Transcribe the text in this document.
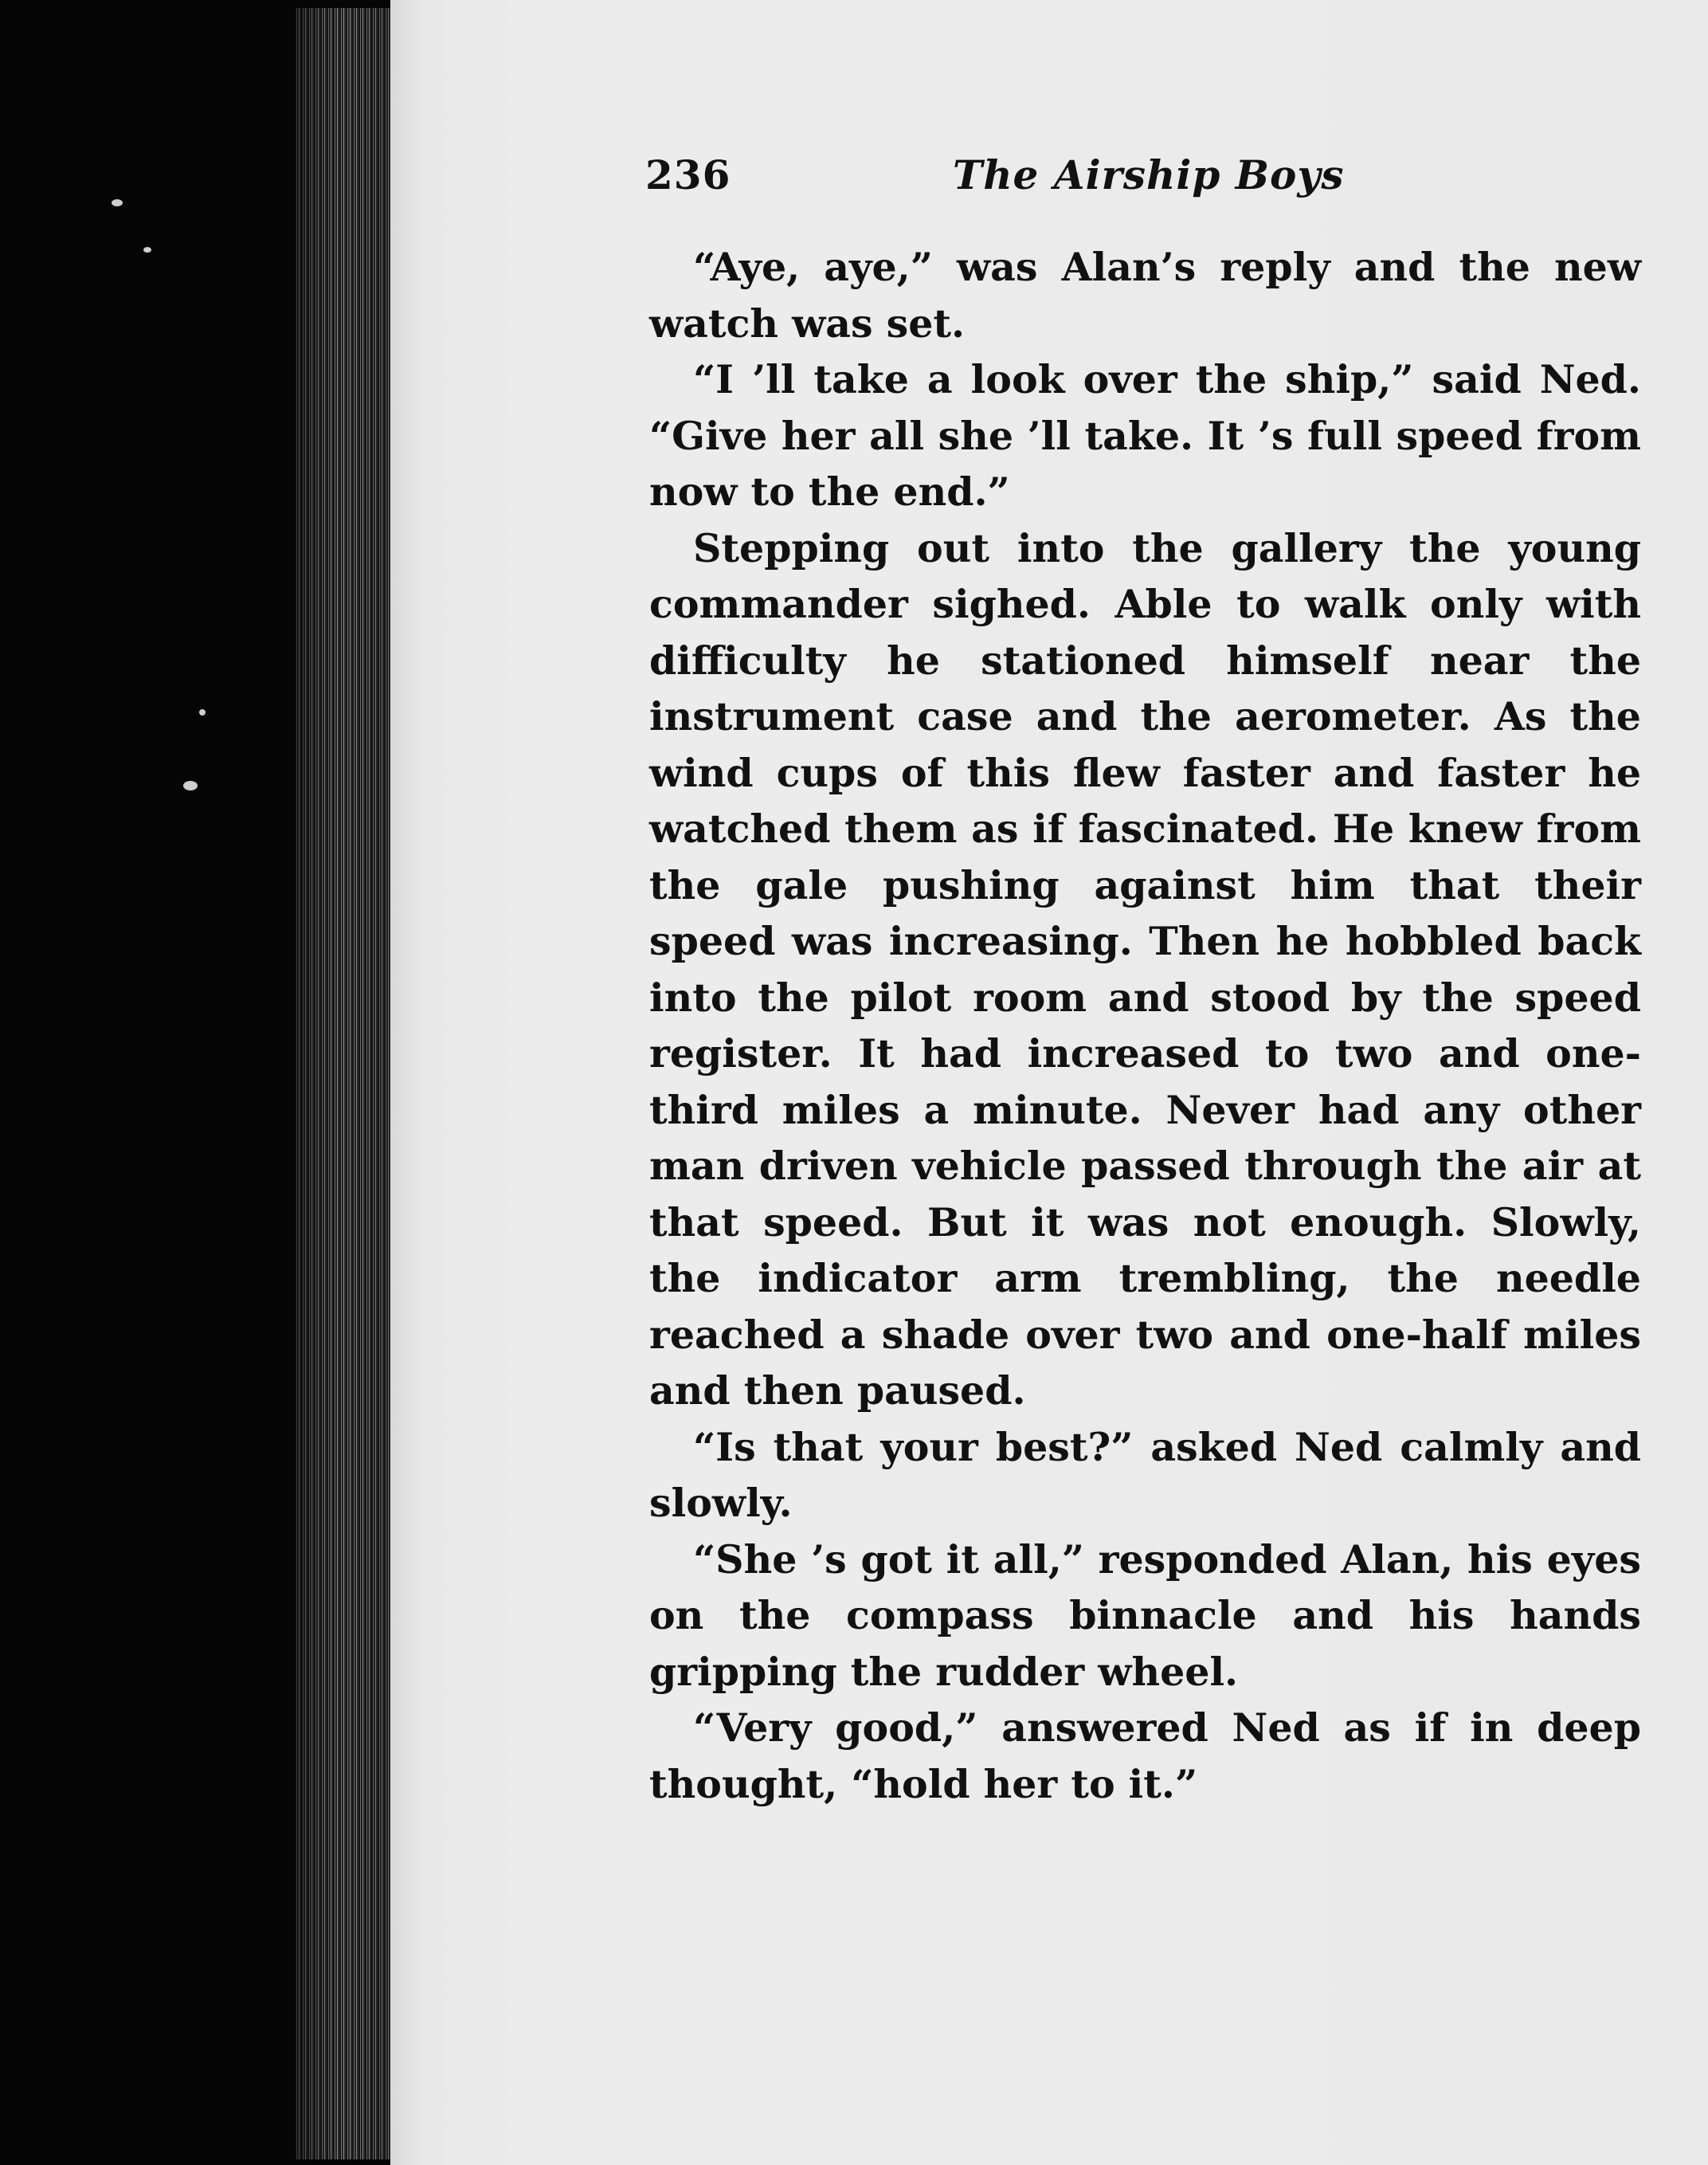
236	The Airship Boys

“Aye, aye,” was Alan’s reply and the new watch was set.

“I ’ll take a look over the ship,” said Ned. “Give her all she ’ll take. It ’s full speed from now to the end.”

Stepping out into the gallery the young commander sighed. Able to walk only with difficulty he stationed himself near the instrument case and the aerometer. As the wind cups of this flew faster and faster he watched them as if fascinated. He knew from the gale pushing against him that their speed was increasing. Then he hobbled back into the pilot room and stood by the speed register. It had increased to two and one-third miles a minute. Never had any other man driven vehicle passed through the air at that speed. But it was not enough. Slowly, the indicator arm trembling, the needle reached a shade over two and one-half miles and then paused.

“Is that your best?” asked Ned calmly and slowly.

“She ’s got it all,” responded Alan, his eyes on the compass binnacle and his hands gripping the rudder wheel.

“Very good,” answered Ned as if in deep thought, “hold her to it.”
